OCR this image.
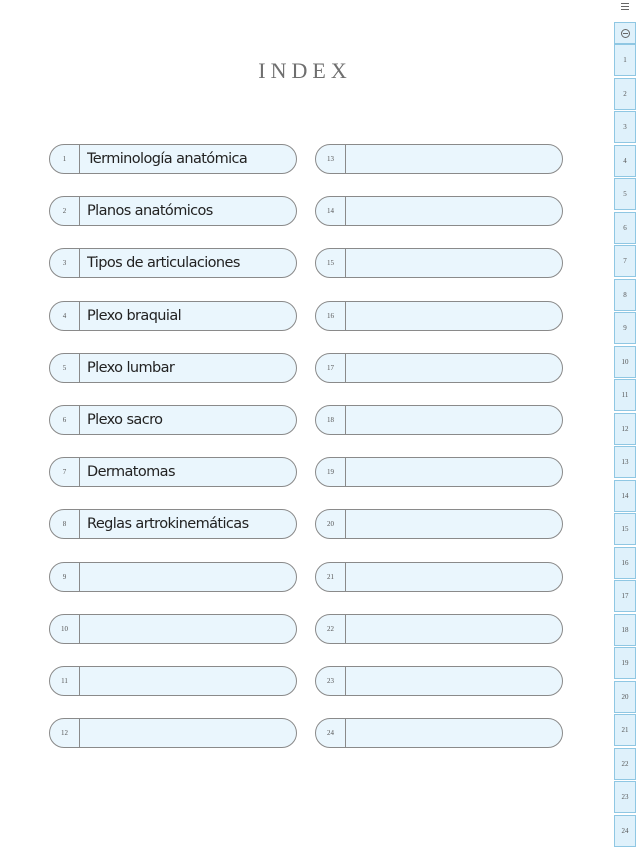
INDEX
1	Terminología anatómica
2	Planos anatómicos
3	Tipos de articulaciones
4	Plexo braquial
5	Plexo lumbar
6	Plexo sacro
7	Dermatomas
8	Reglas artrokinemáticas
9
10
11
12
13
14
15
16
17
18
19
20
21
22
23
24
1
2
3
4
5
6
7
8
9
10
11
12
13
14
15
16
17
18
19
20
21
22
23
24
